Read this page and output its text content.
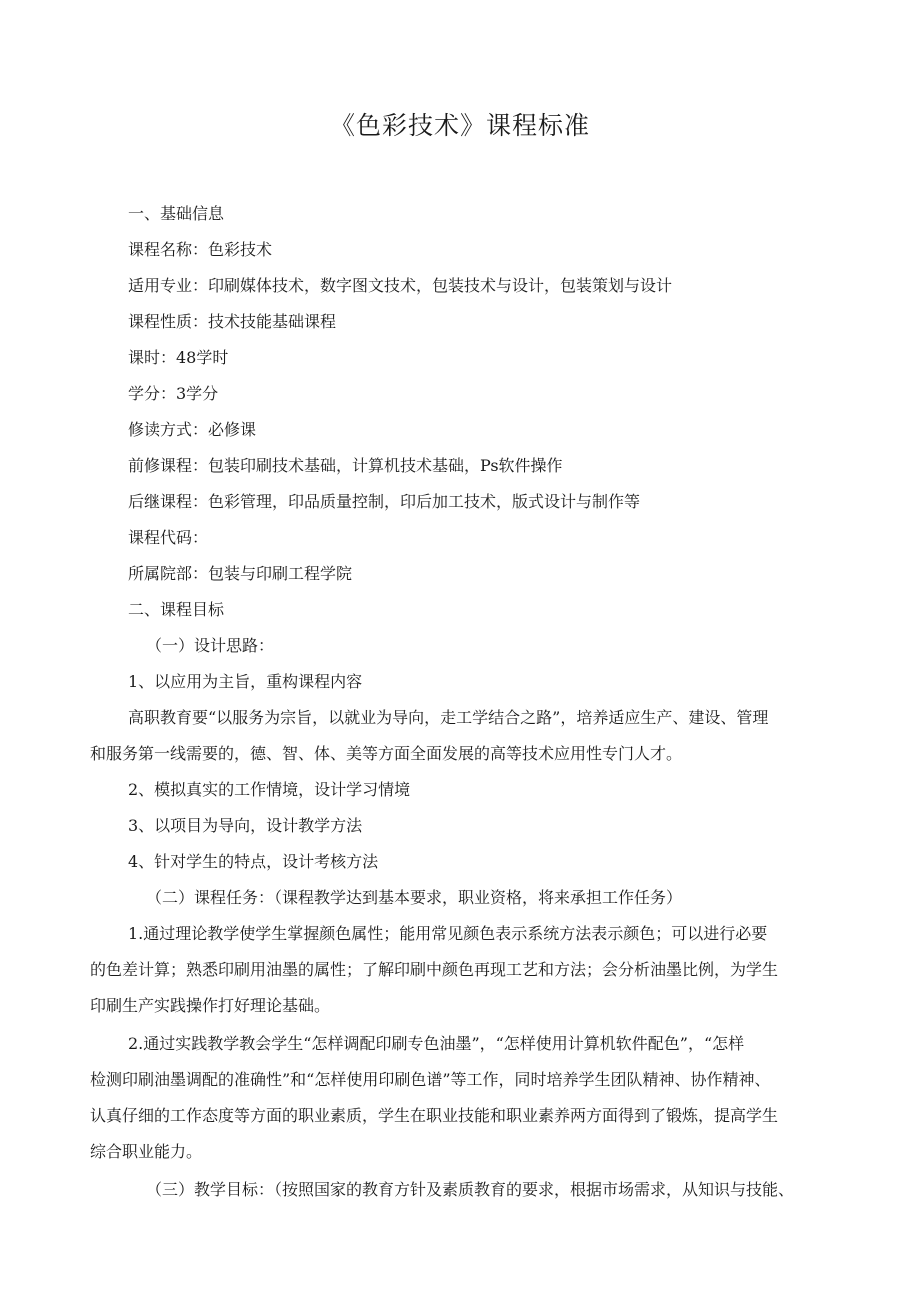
《色彩技术》课程标准

一、基础信息

课程名称：色彩技术

适用专业：印刷媒体技术，数字图文技术，包装技术与设计，包装策划与设计

课程性质：技术技能基础课程

课时：48学时

学分：3学分

修读方式：必修课

前修课程：包装印刷技术基础，计算机技术基础，Ps软件操作

后继课程：色彩管理，印品质量控制，印后加工技术，版式设计与制作等

课程代码：

所属院部：包装与印刷工程学院

二、课程目标

（一）设计思路：

1、以应用为主旨，重构课程内容

高职教育要“以服务为宗旨，以就业为导向，走工学结合之路”，培养适应生产、建设、管理
和服务第一线需要的，德、智、体、美等方面全面发展的高等技术应用性专门人才。

2、模拟真实的工作情境，设计学习情境

3、以项目为导向，设计教学方法

4、针对学生的特点，设计考核方法

（二）课程任务：（课程教学达到基本要求，职业资格，将来承担工作任务）

1.通过理论教学使学生掌握颜色属性；能用常见颜色表示系统方法表示颜色；可以进行必要
的色差计算；熟悉印刷用油墨的属性；了解印刷中颜色再现工艺和方法；会分析油墨比例，为学生
印刷生产实践操作打好理论基础。

2.通过实践教学教会学生“怎样调配印刷专色油墨”，“怎样使用计算机软件配色”，“怎样
检测印刷油墨调配的准确性”和“怎样使用印刷色谱”等工作，同时培养学生团队精神、协作精神、
认真仔细的工作态度等方面的职业素质，学生在职业技能和职业素养两方面得到了锻炼，提高学生
综合职业能力。

（三）教学目标：（按照国家的教育方针及素质教育的要求，根据市场需求，从知识与技能、
